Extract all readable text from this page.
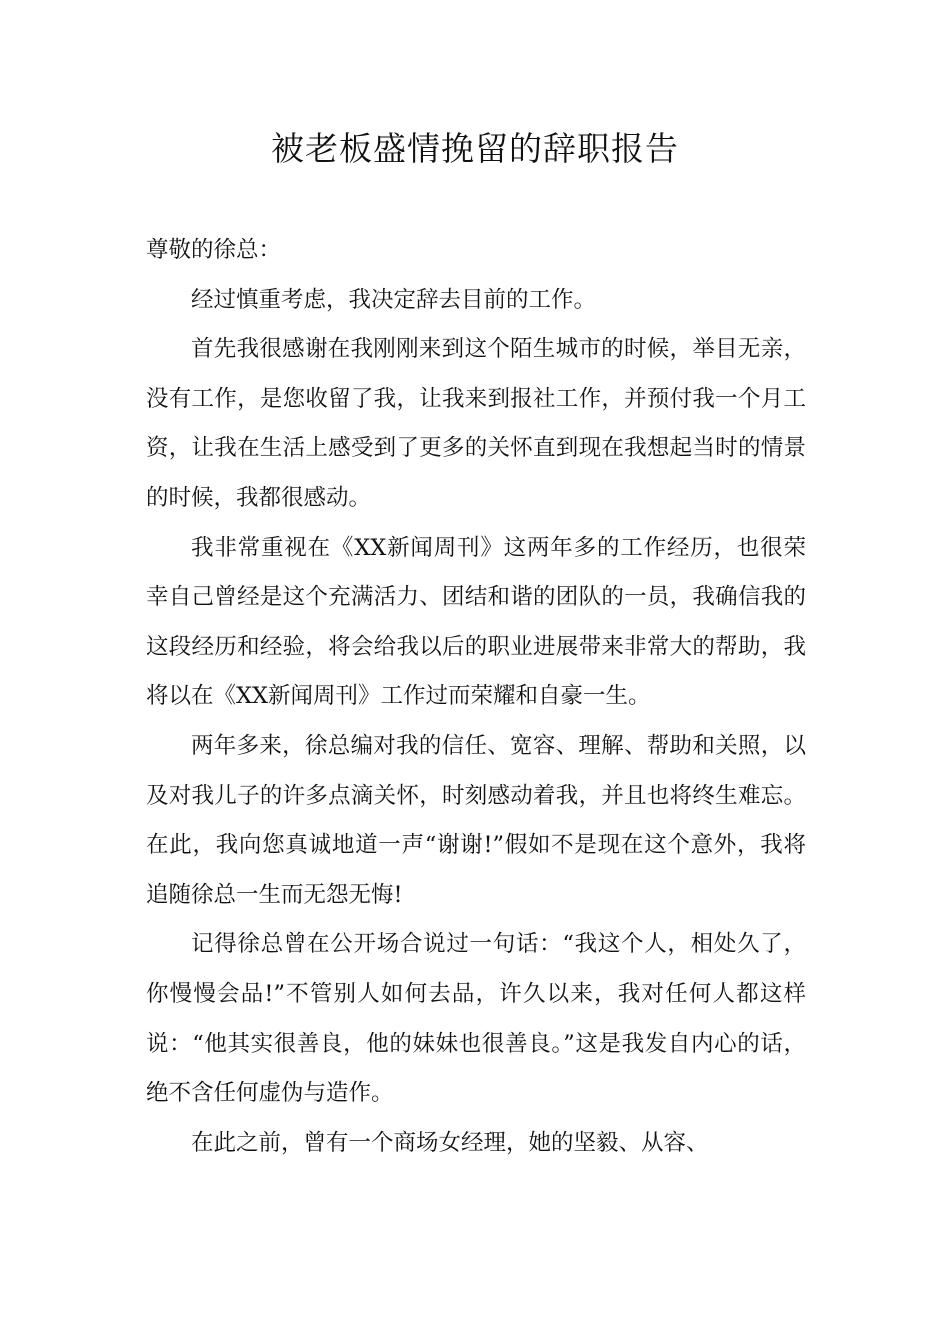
被老板盛情挽留的辞职报告

尊敬的徐总：

经过慎重考虑，我决定辞去目前的工作。

首先我很感谢在我刚刚来到这个陌生城市的时候，举目无亲，没有工作，是您收留了我，让我来到报社工作，并预付我一个月工资，让我在生活上感受到了更多的关怀直到现在我想起当时的情景的时候，我都很感动。

我非常重视在《XX新闻周刊》这两年多的工作经历，也很荣幸自己曾经是这个充满活力、团结和谐的团队的一员，我确信我的这段经历和经验，将会给我以后的职业进展带来非常大的帮助，我将以在《XX新闻周刊》工作过而荣耀和自豪一生。

两年多来，徐总编对我的信任、宽容、理解、帮助和关照，以及对我儿子的许多点滴关怀，时刻感动着我，并且也将终生难忘。在此，我向您真诚地道一声“谢谢!”假如不是现在这个意外，我将追随徐总一生而无怨无悔!

记得徐总曾在公开场合说过一句话：“我这个人，相处久了，你慢慢会品!”不管别人如何去品，许久以来，我对任何人都这样说：“他其实很善良，他的妹妹也很善良。”这是我发自内心的话，绝不含任何虚伪与造作。

在此之前，曾有一个商场女经理，她的坚毅、从容、
